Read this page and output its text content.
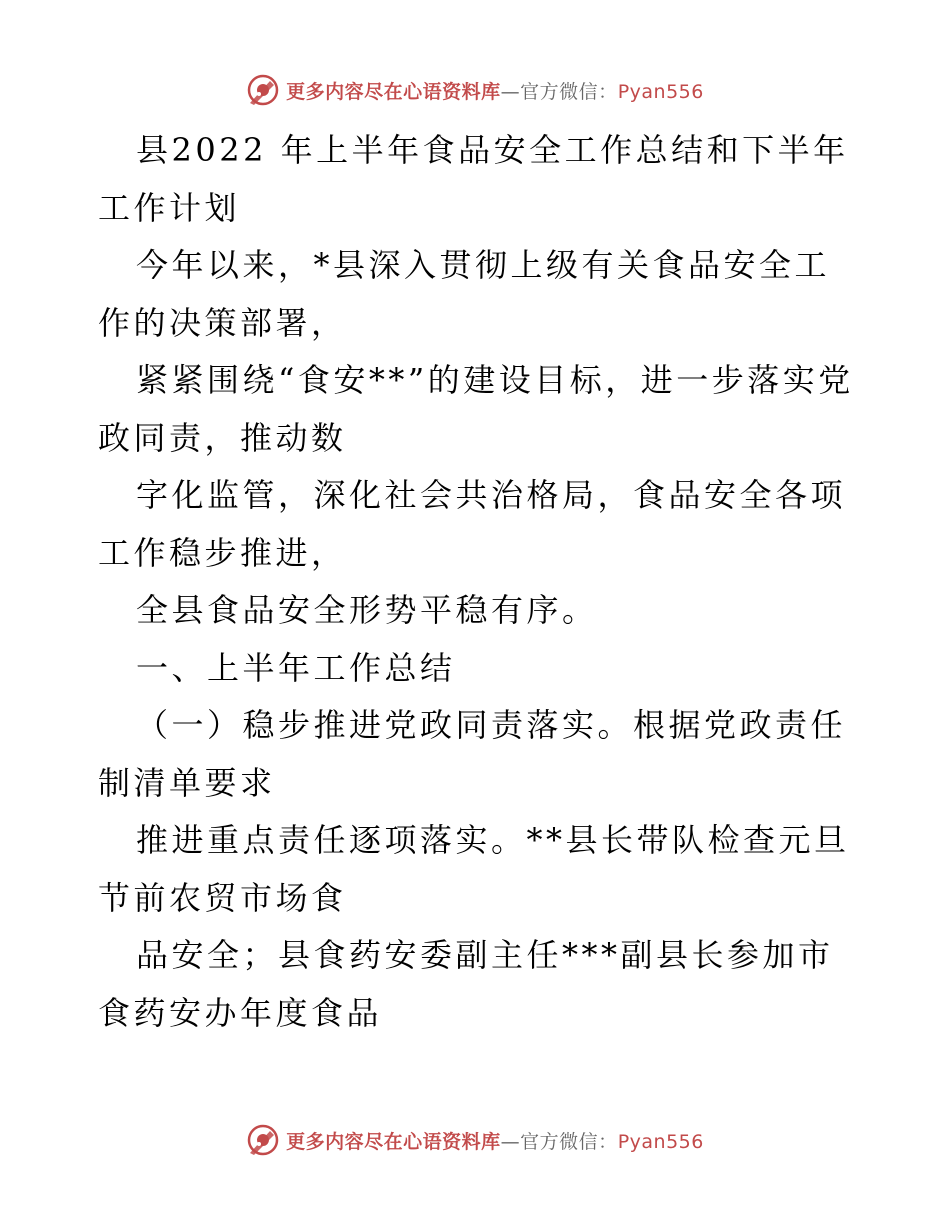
更多内容尽在心语资料库—官方微信：Pyan556

县2022 年上半年食品安全工作总结和下半年工作计划

今年以来，*县深入贯彻上级有关食品安全工作的决策部署，

紧紧围绕“食安**”的建设目标，进一步落实党政同责，推动数

字化监管，深化社会共治格局，食品安全各项工作稳步推进，

全县食品安全形势平稳有序。

一、上半年工作总结

（一）稳步推进党政同责落实。根据党政责任制清单要求

推进重点责任逐项落实。**县长带队检查元旦节前农贸市场食

品安全；县食药安委副主任***副县长参加市食药安办年度食品

更多内容尽在心语资料库—官方微信：Pyan556
